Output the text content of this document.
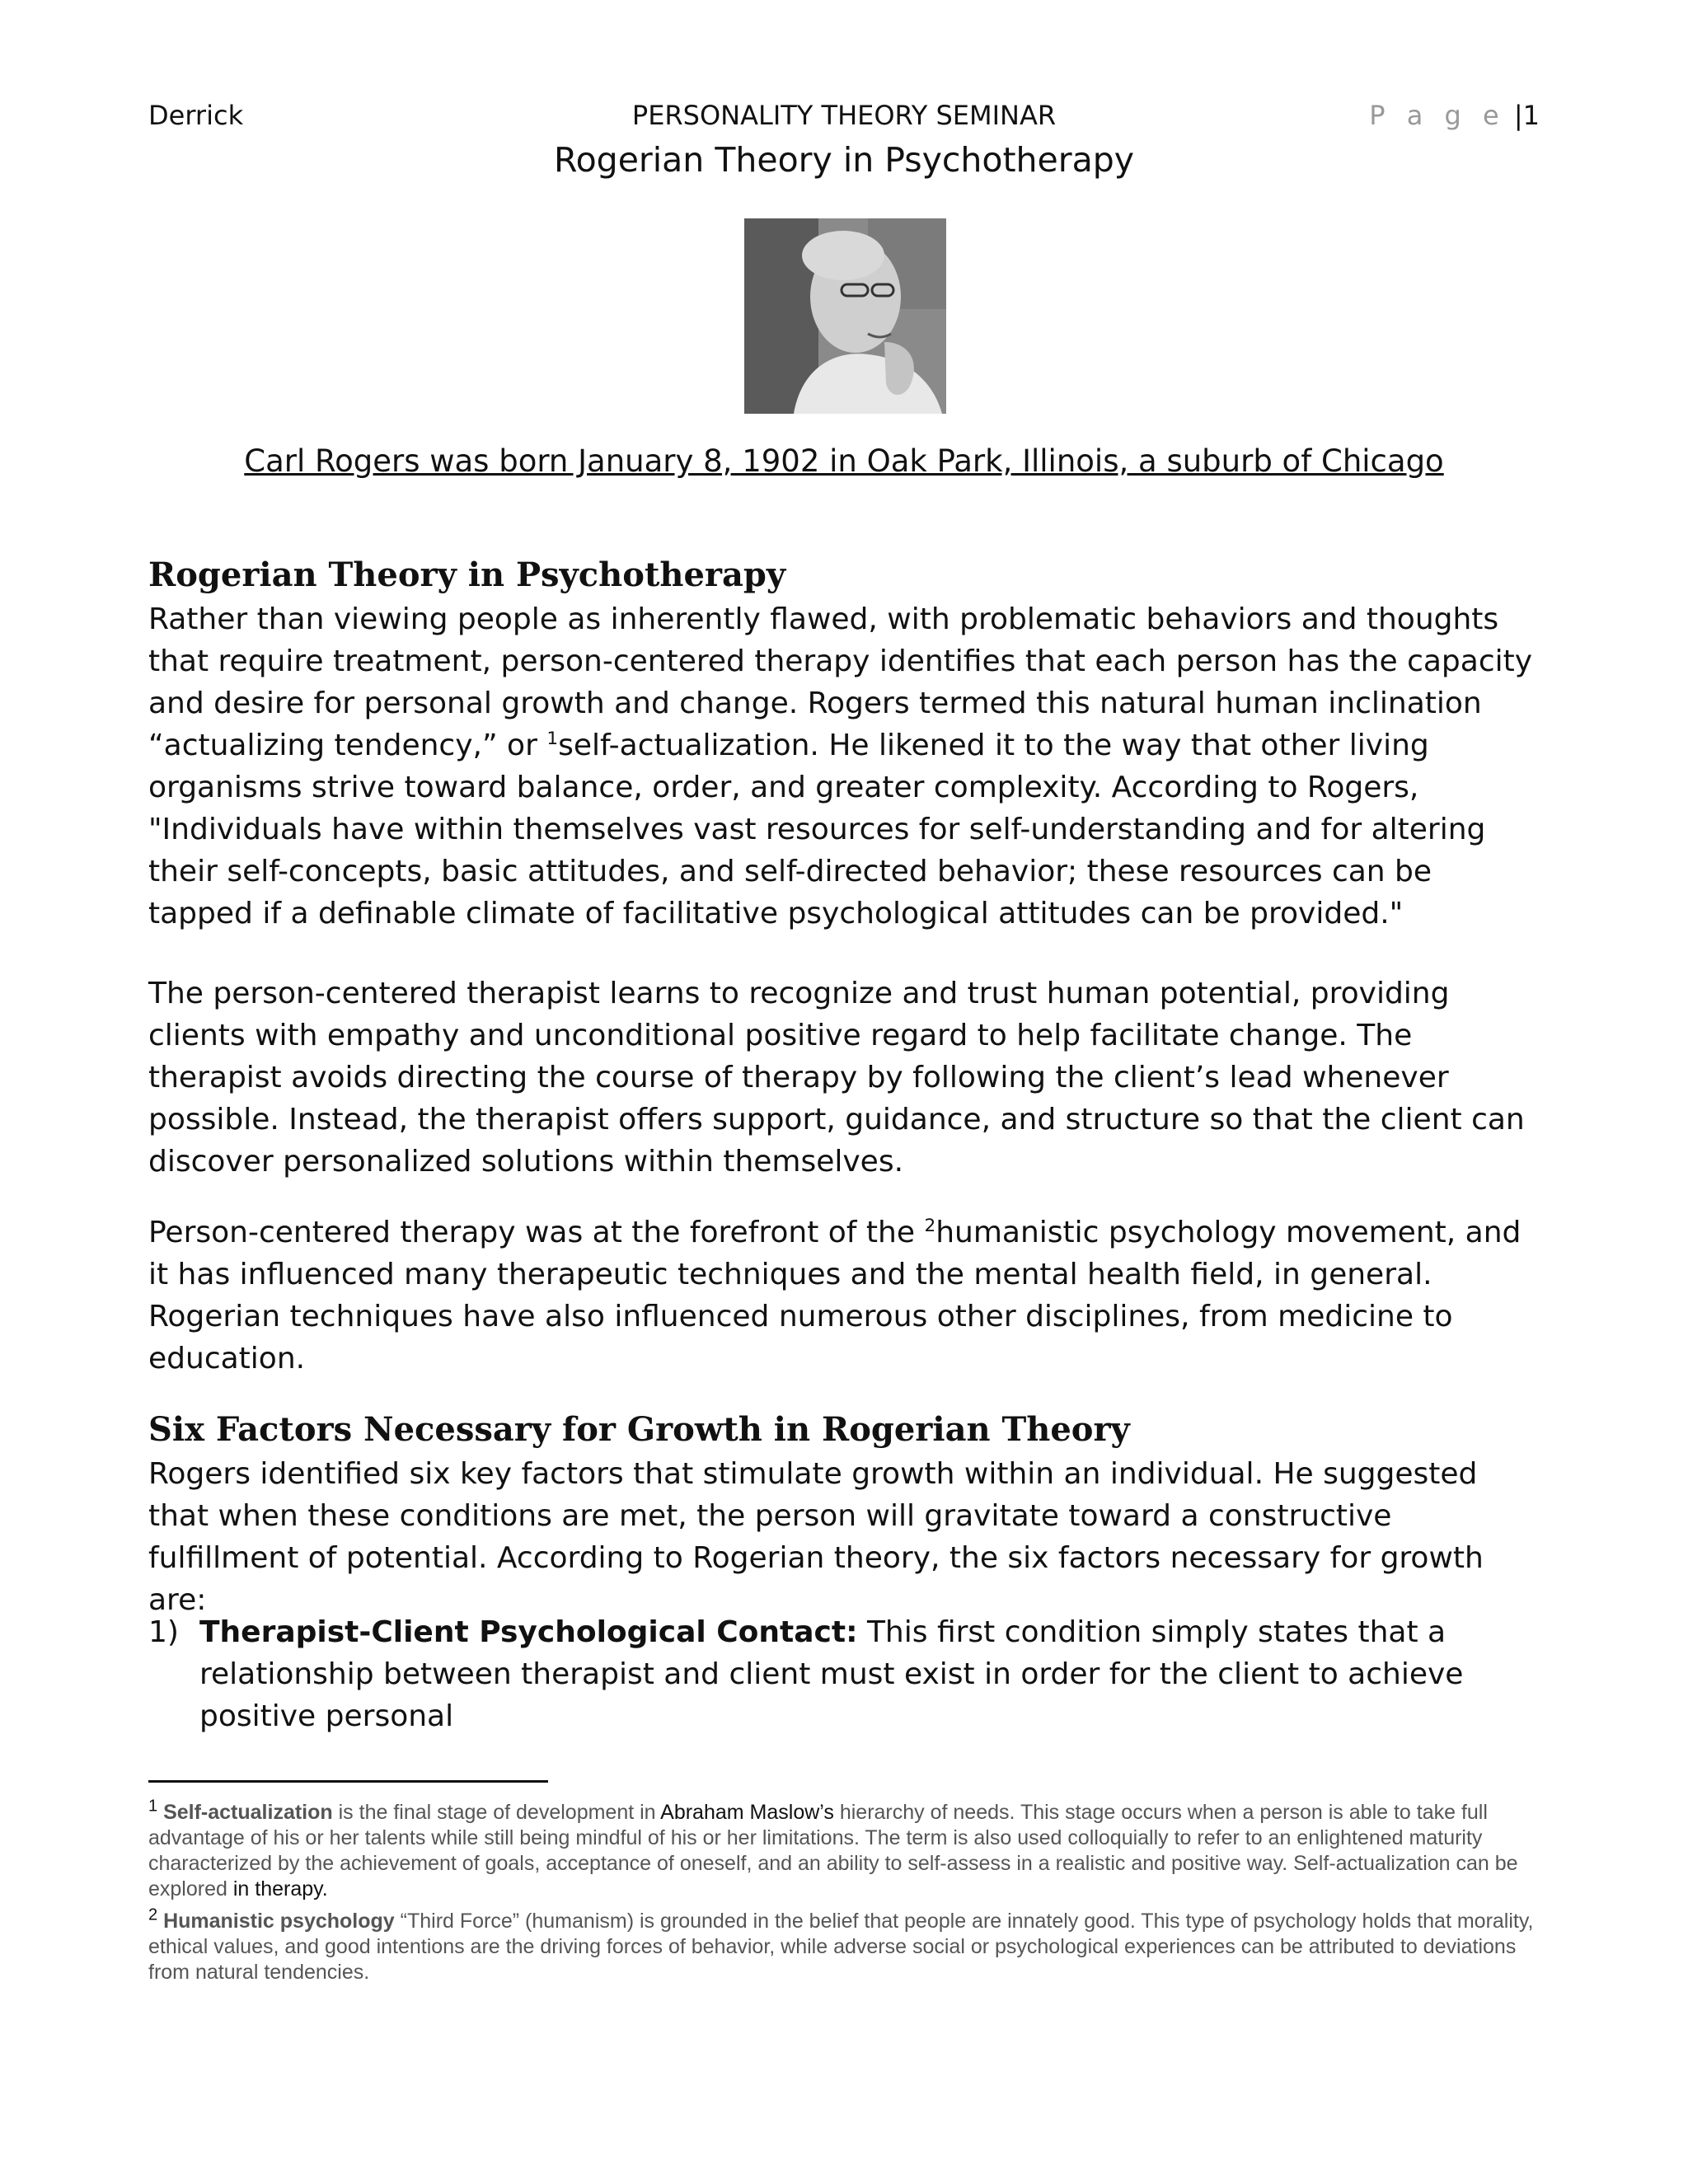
Derrick	PERSONALITY THEORY SEMINAR	P a g e |1
Rogerian Theory in Psychotherapy
Carl Rogers was born January 8, 1902 in Oak Park, Illinois, a suburb of Chicago
Rogerian Theory in Psychotherapy

Rather than viewing people as inherently flawed, with problematic behaviors and thoughts that require treatment, person-centered therapy identifies that each person has the capacity and desire for personal growth and change. Rogers termed this natural human inclination “actualizing tendency,” or $^1$self-actualization. He likened it to the way that other living organisms strive toward balance, order, and greater complexity. According to Rogers, "Individuals have within themselves vast resources for self-understanding and for altering their self-concepts, basic attitudes, and self-directed behavior; these resources can be tapped if a definable climate of facilitative psychological attitudes can be provided."

The person-centered therapist learns to recognize and trust human potential, providing clients with empathy and unconditional positive regard to help facilitate change. The therapist avoids directing the course of therapy by following the client’s lead whenever possible. Instead, the therapist offers support, guidance, and structure so that the client can discover personalized solutions within themselves.

Person-centered therapy was at the forefront of the $^2$humanistic psychology movement, and it has influenced many therapeutic techniques and the mental health field, in general. Rogerian techniques have also influenced numerous other disciplines, from medicine to education.

Six Factors Necessary for Growth in Rogerian Theory

Rogers identified six key factors that stimulate growth within an individual. He suggested that when these conditions are met, the person will gravitate toward a constructive fulfillment of potential. According to Rogerian theory, the six factors necessary for growth are:

1) Therapist-Client Psychological Contact: This first condition simply states that a relationship between therapist and client must exist in order for the client to achieve positive personal
$^1$ Self-actualization is the final stage of development in Abraham Maslow’s hierarchy of needs. This stage occurs when a person is able to take full advantage of his or her talents while still being mindful of his or her limitations. The term is also used colloquially to refer to an enlightened maturity characterized by the achievement of goals, acceptance of oneself, and an ability to self-assess in a realistic and positive way. Self-actualization can be explored in therapy.
$^2$ Humanistic psychology “Third Force” (humanism) is grounded in the belief that people are innately good. This type of psychology holds that morality, ethical values, and good intentions are the driving forces of behavior, while adverse social or psychological experiences can be attributed to deviations from natural tendencies.
